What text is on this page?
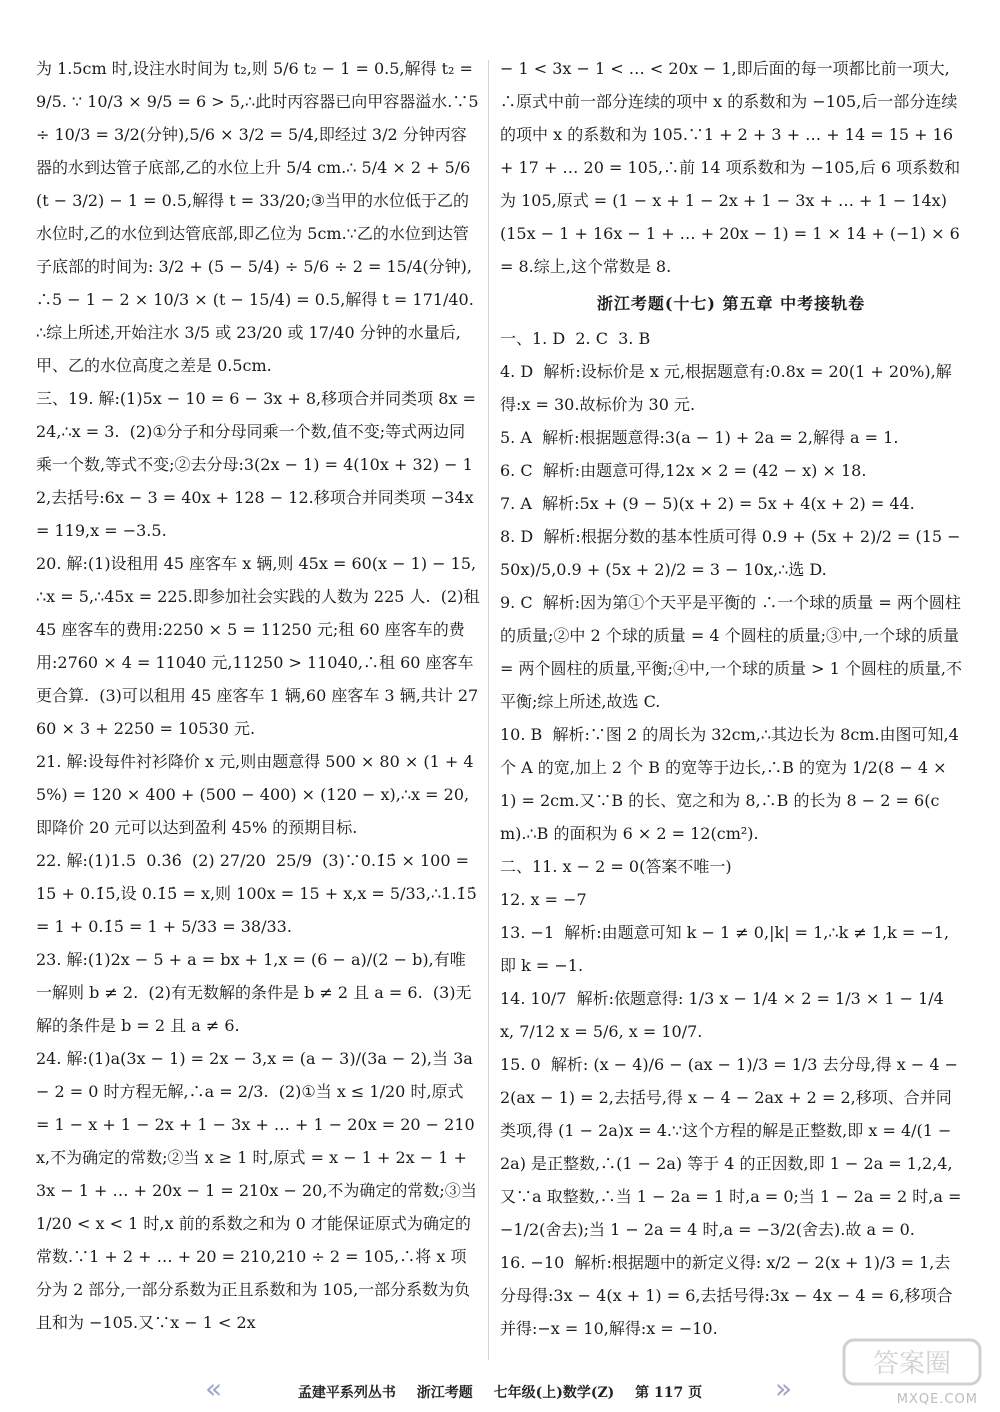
为 1.5cm 时,设注水时间为 t₂,则 5/6 t₂ − 1 = 0.5,解得 t₂ = 9/5. ∵ 10/3 × 9/5 = 6 > 5,∴此时丙容器已向甲容器溢水.∵5 ÷ 10/3 = 3/2(分钟),5/6 × 3/2 = 5/4,即经过 3/2 分钟丙容器的水到达管子底部,乙的水位上升 5/4 cm.∴ 5/4 × 2 + 5/6 (t − 3/2) − 1 = 0.5,解得 t = 33/20;③当甲的水位低于乙的水位时,乙的水位到达管底部,即乙位为 5cm.∵乙的水位到达管子底部的时间为: 3/2 + (5 − 5/4) ÷ 5/6 ÷ 2 = 15/4(分钟),∴5 − 1 − 2 × 10/3 × (t − 15/4) = 0.5,解得 t = 171/40.∴综上所述,开始注水 3/5 或 23/20 或 17/40 分钟的水量后,甲、乙的水位高度之差是 0.5cm.

三、19. 解:(1)5x − 10 = 6 − 3x + 8,移项合并同类项 8x = 24,∴x = 3.  (2)①分子和分母同乘一个数,值不变;等式两边同乘一个数,等式不变;②去分母:3(2x − 1) = 4(10x + 32) − 12,去括号:6x − 3 = 40x + 128 − 12.移项合并同类项 −34x = 119,x = −3.5.

20. 解:(1)设租用 45 座客车 x 辆,则 45x = 60(x − 1) − 15,∴x = 5,∴45x = 225.即参加社会实践的人数为 225 人.  (2)租 45 座客车的费用:2250 × 5 = 11250 元;租 60 座客车的费用:2760 × 4 = 11040 元,11250 > 11040,∴租 60 座客车更合算.  (3)可以租用 45 座客车 1 辆,60 座客车 3 辆,共计 2760 × 3 + 2250 = 10530 元.

21. 解:设每件衬衫降价 x 元,则由题意得 500 × 80 × (1 + 45%) = 120 × 400 + (500 − 400) × (120 − x),∴x = 20,即降价 20 元可以达到盈利 45% 的预期目标.

22. 解:(1)1.5  0.3̇6̇  (2) 27/20  25/9  (3)∵0.1̇5̇ × 100 = 15 + 0.1̇5̇,设 0.1̇5̇ = x,则 100x = 15 + x,x = 5/33,∴1.1̇5̇ = 1 + 0.1̇5̇ = 1 + 5/33 = 38/33.

23. 解:(1)2x − 5 + a = bx + 1,x = (6 − a)/(2 − b),有唯一解则 b ≠ 2.  (2)有无数解的条件是 b ≠ 2 且 a = 6.  (3)无解的条件是 b = 2 且 a ≠ 6.

24. 解:(1)a(3x − 1) = 2x − 3,x = (a − 3)/(3a − 2),当 3a − 2 = 0 时方程无解,∴a = 2/3.  (2)①当 x ≤ 1/20 时,原式 = 1 − x + 1 − 2x + 1 − 3x + … + 1 − 20x = 20 − 210x,不为确定的常数;②当 x ≥ 1 时,原式 = x − 1 + 2x − 1 + 3x − 1 + … + 20x − 1 = 210x − 20,不为确定的常数;③当 1/20 < x < 1 时,x 前的系数之和为 0 才能保证原式为确定的常数.∵1 + 2 + … + 20 = 210,210 ÷ 2 = 105,∴将 x 项分为 2 部分,一部分系数为正且系数和为 105,一部分系数为负且和为 −105.又∵x − 1 < 2x

− 1 < 3x − 1 < … < 20x − 1,即后面的每一项都比前一项大,∴原式中前一部分连续的项中 x 的系数和为 −105,后一部分连续的项中 x 的系数和为 105.∵1 + 2 + 3 + … + 14 = 15 + 16 + 17 + … 20 = 105,∴前 14 项系数和为 −105,后 6 项系数和为 105,原式 = (1 − x + 1 − 2x + 1 − 3x + … + 1 − 14x) (15x − 1 + 16x − 1 + … + 20x − 1) = 1 × 14 + (−1) × 6 = 8.综上,这个常数是 8.

浙江考题(十七) 第五章 中考接轨卷

一、1. D  2. C  3. B

4. D  解析:设标价是 x 元,根据题意有:0.8x = 20(1 + 20%),解得:x = 30.故标价为 30 元.

5. A  解析:根据题意得:3(a − 1) + 2a = 2,解得 a = 1.

6. C  解析:由题意可得,12x × 2 = (42 − x) × 18.

7. A  解析:5x + (9 − 5)(x + 2) = 5x + 4(x + 2) = 44.

8. D  解析:根据分数的基本性质可得 0.9 + (5x + 2)/2 = (15 − 50x)/5,0.9 + (5x + 2)/2 = 3 − 10x,∴选 D.

9. C  解析:因为第①个天平是平衡的 ∴一个球的质量 = 两个圆柱的质量;②中 2 个球的质量 = 4 个圆柱的质量;③中,一个球的质量 = 两个圆柱的质量,平衡;④中,一个球的质量 > 1 个圆柱的质量,不平衡;综上所述,故选 C.

10. B  解析:∵图 2 的周长为 32cm,∴其边长为 8cm.由图可知,4 个 A 的宽,加上 2 个 B 的宽等于边长,∴B 的宽为 1/2(8 − 4 × 1) = 2cm.又∵B 的长、宽之和为 8,∴B 的长为 8 − 2 = 6(cm).∴B 的面积为 6 × 2 = 12(cm²).

二、11. x − 2 = 0(答案不唯一)

12. x = −7

13. −1  解析:由题意可知 k − 1 ≠ 0,|k| = 1,∴k ≠ 1,k = −1,即 k = −1.

14. 10/7  解析:依题意得: 1/3 x − 1/4 × 2 = 1/3 × 1 − 1/4 x, 7/12 x = 5/6, x = 10/7.

15. 0  解析: (x − 4)/6 − (ax − 1)/3 = 1/3 去分母,得 x − 4 − 2(ax − 1) = 2,去括号,得 x − 4 − 2ax + 2 = 2,移项、合并同类项,得 (1 − 2a)x = 4.∵这个方程的解是正整数,即 x = 4/(1 − 2a) 是正整数,∴(1 − 2a) 等于 4 的正因数,即 1 − 2a = 1,2,4,又∵a 取整数,∴当 1 − 2a = 1 时,a = 0;当 1 − 2a = 2 时,a = −1/2(舍去);当 1 − 2a = 4 时,a = −3/2(舍去).故 a = 0.

16. −10  解析:根据题中的新定义得: x/2 − 2(x + 1)/3 = 1,去分母得:3x − 4(x + 1) = 6,去括号得:3x − 4x − 4 = 6,移项合并得:−x = 10,解得:x = −10.

«	孟建平系列丛书 浙江考题 七年级(上)数学(Z) 第 117 页	»
答案圈
MXQE.COM
